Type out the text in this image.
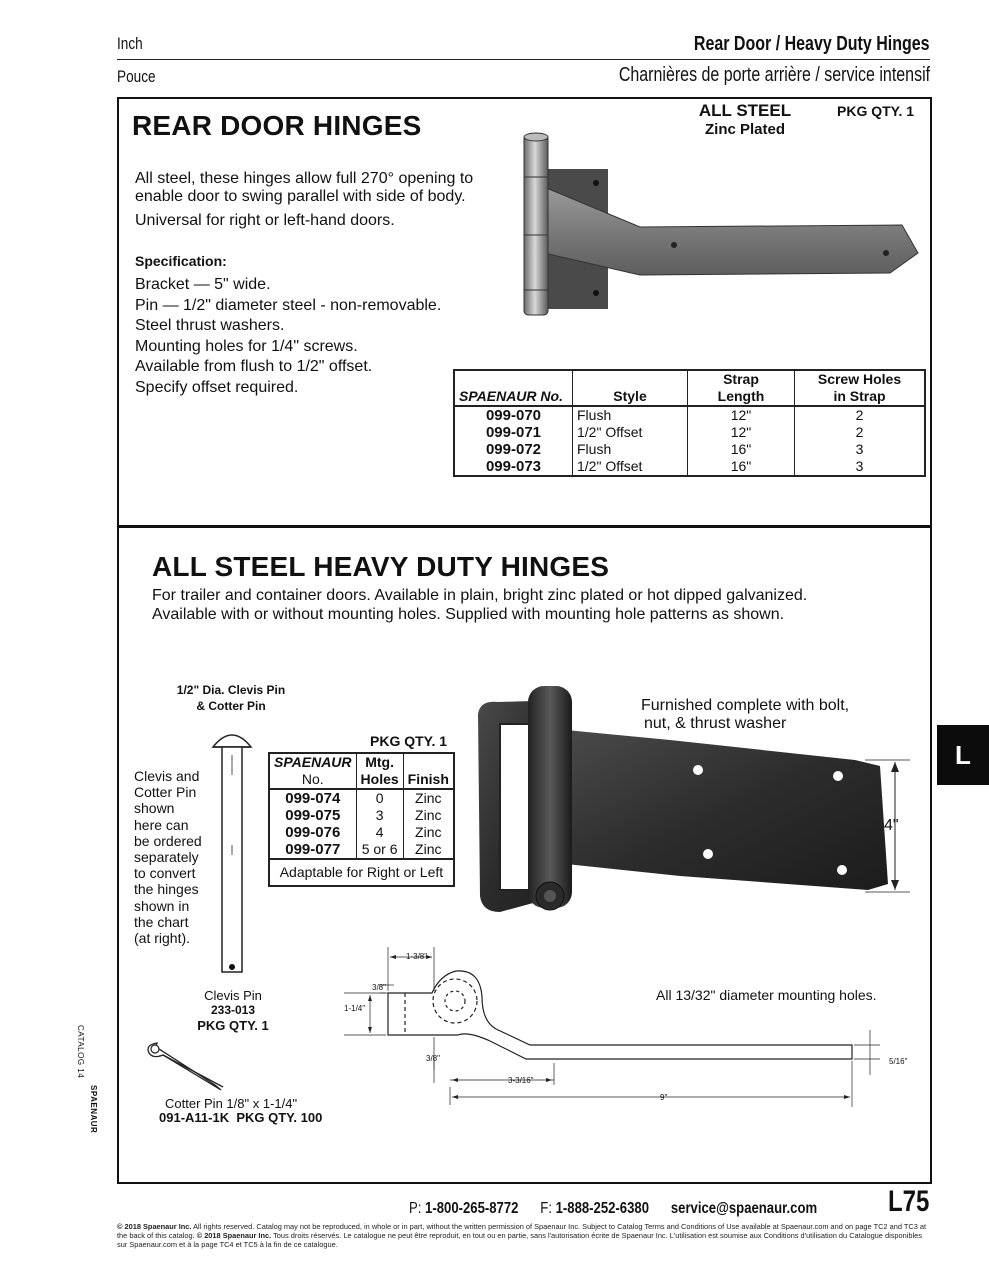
Inch	Rear Door / Heavy Duty Hinges
Pouce	Charnières de porte arrière / service intensif
REAR DOOR HINGES	ALL STEEL
Zinc Plated
PKG QTY. 1
All steel, these hinges allow full 270° opening to
enable door to swing parallel with side of body.
Universal for right or left-hand doors.
Specification:
Bracket — 5" wide.
Pin — 1/2" diameter steel - non-removable.
Steel thrust washers.
Mounting holes for 1/4" screws.
Available from flush to 1/2" offset.
Specify offset required.	SPAENAUR No.	Style	Strap
Length	Screw Holes
in Strap
099-070	Flush	12"	2
099-071	1/2" Offset	12"	2
099-072	Flush	16"	3
099-073	1/2" Offset	16"	3
ALL STEEL HEAVY DUTY HINGES
For trailer and container doors. Available in plain, bright zinc plated or hot dipped galvanized.
Available with or without mounting holes. Supplied with mounting hole patterns as shown.
1/2" Dia. Clevis Pin
& Cotter Pin
Clevis and
Cotter Pin
shown
here can
be ordered
separately
to convert
the hinges
shown in
the chart
(at right).
Clevis Pin
233-013
PKG QTY. 1
Cotter Pin 1/8" x 1-1/4"
091-A11-1K PKG QTY. 100
PKG QTY. 1
SPAENAUR
No.	Mtg.
Holes	Finish
099-074	0	Zinc
099-075	3	Zinc
099-076	4	Zinc
099-077	5 or 6	Zinc
Adaptable for Right or Left		
4"
Furnished complete with bolt,
nut, & thrust washer
All 13/32" diameter mounting holes.
1-3/8"
3/8"
1-1/4"
3/8"
3-3/16"
9"
5/16"
L
CATALOG 14
SPAENAUR
P: 1-800-265-8772 F: 1-888-252-6380 service@spaenaur.com L75
© 2018 Spaenaur Inc. All rights reserved. Catalog may not be reproduced, in whole or in part, without the written permission of Spaenaur Inc. Subject to Catalog Terms and Conditions of Use available at Spaenaur.com and on page TC2 and TC3 at the back of this catalog. © 2018 Spaenaur Inc. Tous droits réservés. Le catalogue ne peut être reproduit, en tout ou en partie, sans l'autorisation écrite de Spaenaur Inc. L'utilisation est soumise aux Conditions d'utilisation du Catalogue disponibles sur Spaenaur.com et à la page TC4 et TC5 à la fin de ce catalogue.
